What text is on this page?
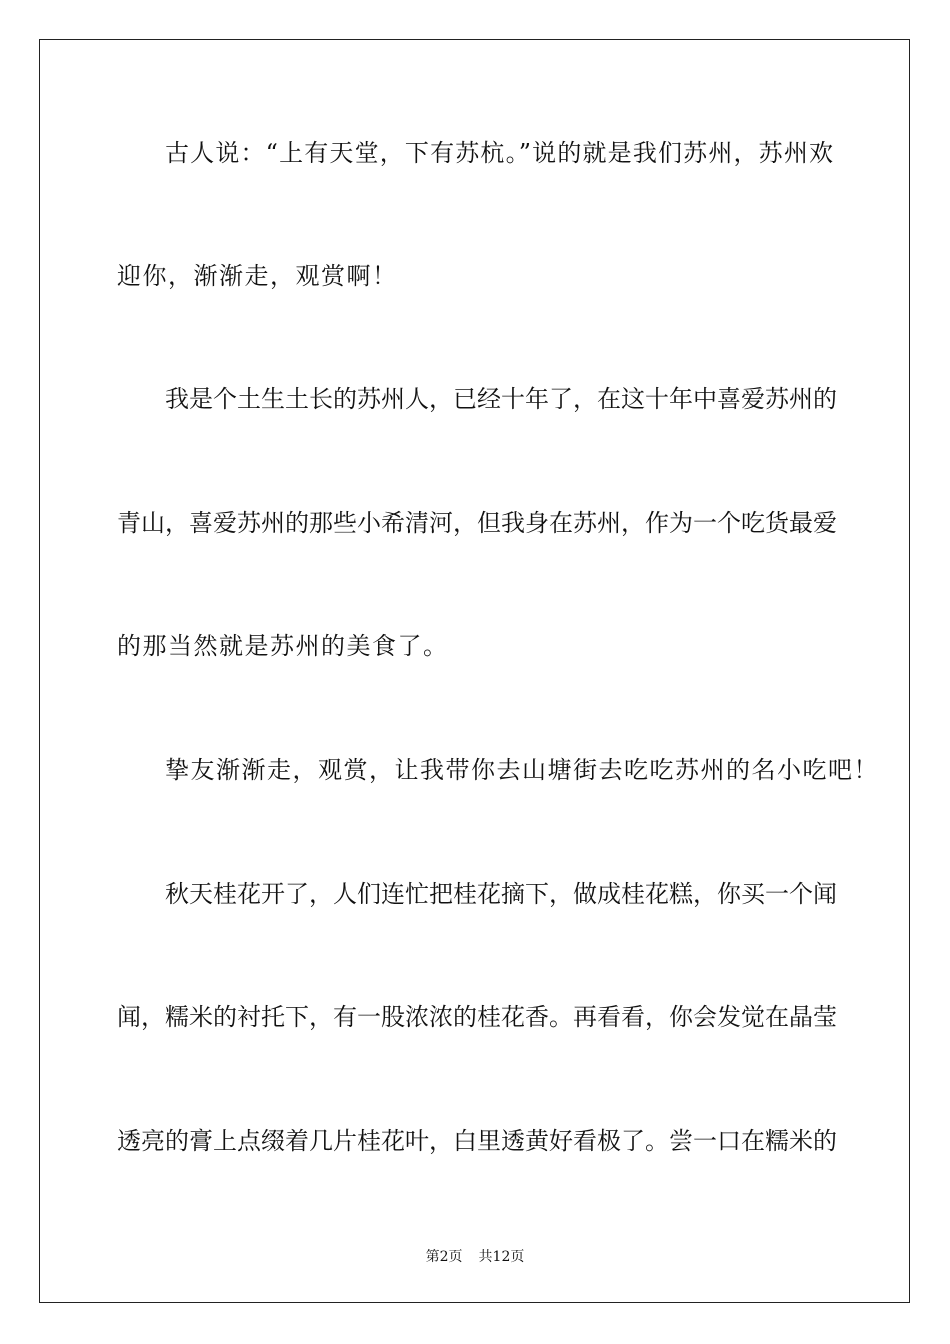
古人说：“上有天堂，下有苏杭。”说的就是我们苏州，苏州欢
迎你，渐渐走，观赏啊！
我是个土生土长的苏州人，已经十年了，在这十年中喜爱苏州的
青山，喜爱苏州的那些小希清河，但我身在苏州，作为一个吃货最爱
的那当然就是苏州的美食了。
挚友渐渐走，观赏，让我带你去山塘街去吃吃苏州的名小吃吧！
秋天桂花开了，人们连忙把桂花摘下，做成桂花糕，你买一个闻
闻，糯米的衬托下，有一股浓浓的桂花香。再看看，你会发觉在晶莹
透亮的膏上点缀着几片桂花叶，白里透黄好看极了。尝一口在糯米的
第2页 共12页
